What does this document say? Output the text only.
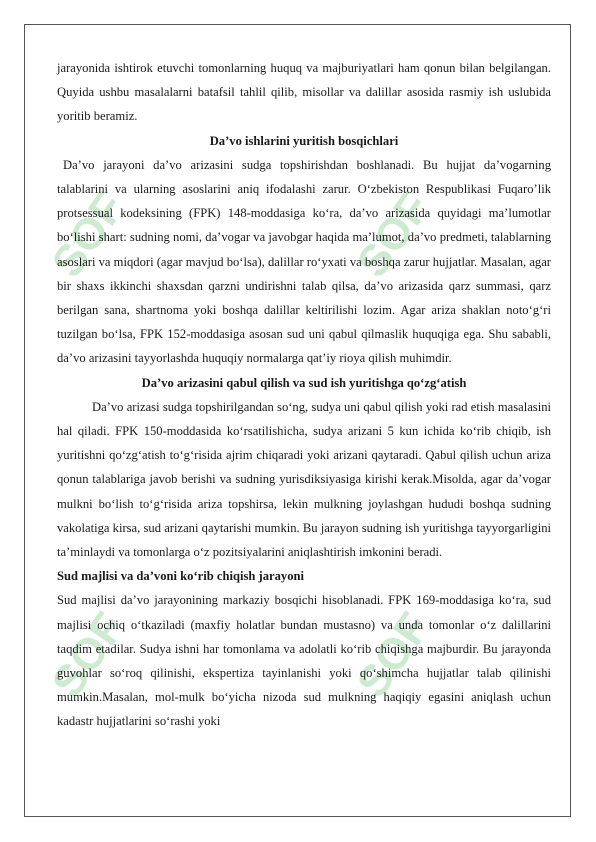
SOF	SOF
SOF	SOF

jarayonida ishtirok etuvchi tomonlarning huquq va majburiyatlari ham qonun bilan belgilangan. Quyida ushbu masalalarni batafsil tahlil qilib, misollar va dalillar asosida rasmiy ish uslubida yoritib beramiz.

Da’vo ishlarini yuritish bosqichlari

Da’vo jarayoni da’vo arizasini sudga topshirishdan boshlanadi. Bu hujjat da’vogarning talablarini va ularning asoslarini aniq ifodalashi zarur. O‘zbekiston Respublikasi Fuqaro’lik protsessual kodeksining (FPK) 148-moddasiga ko‘ra, da’vo arizasida quyidagi ma’lumotlar bo‘lishi shart: sudning nomi, da’vogar va javobgar haqida ma’lumot, da’vo predmeti, talablarning asoslari va miqdori (agar mavjud bo‘lsa), dalillar ro‘yxati va boshqa zarur hujjatlar. Masalan, agar bir shaxs ikkinchi shaxsdan qarzni undirishni talab qilsa, da’vo arizasida qarz summasi, qarz berilgan sana, shartnoma yoki boshqa dalillar keltirilishi lozim. Agar ariza shaklan noto‘g‘ri tuzilgan bo‘lsa, FPK 152-moddasiga asosan sud uni qabul qilmaslik huquqiga ega. Shu sababli, da’vo arizasini tayyorlashda huquqiy normalarga qat’iy rioya qilish muhimdir.

Da’vo arizasini qabul qilish va sud ish yuritishga qo‘zg‘atish

Da’vo arizasi sudga topshirilgandan so‘ng, sudya uni qabul qilish yoki rad etish masalasini hal qiladi. FPK 150-moddasida ko‘rsatilishicha, sudya arizani 5 kun ichida ko‘rib chiqib, ish yuritishni qo‘zg‘atish to‘g‘risida ajrim chiqaradi yoki arizani qaytaradi. Qabul qilish uchun ariza qonun talablariga javob berishi va sudning yurisdiksiyasiga kirishi kerak.Misolda, agar da’vogar mulkni bo‘lish to‘g‘risida ariza topshirsa, lekin mulkning joylashgan hududi boshqa sudning vakolatiga kirsa, sud arizani qaytarishi mumkin. Bu jarayon sudning ish yuritishga tayyorgarligini ta’minlaydi va tomonlarga o‘z pozitsiyalarini aniqlashtirish imkonini beradi.

Sud majlisi va da’voni ko‘rib chiqish jarayoni

Sud majlisi da’vo jarayonining markaziy bosqichi hisoblanadi. FPK 169-moddasiga ko‘ra, sud majlisi ochiq o‘tkaziladi (maxfiy holatlar bundan mustasno) va unda tomonlar o‘z dalillarini taqdim etadilar. Sudya ishni har tomonlama va adolatli ko‘rib chiqishga majburdir. Bu jarayonda guvohlar so‘roq qilinishi, ekspertiza tayinlanishi yoki qo‘shimcha hujjatlar talab qilinishi mumkin.Masalan, mol-mulk bo‘yicha nizoda sud mulkning haqiqiy egasini aniqlash uchun kadastr hujjatlarini so‘rashi yoki
